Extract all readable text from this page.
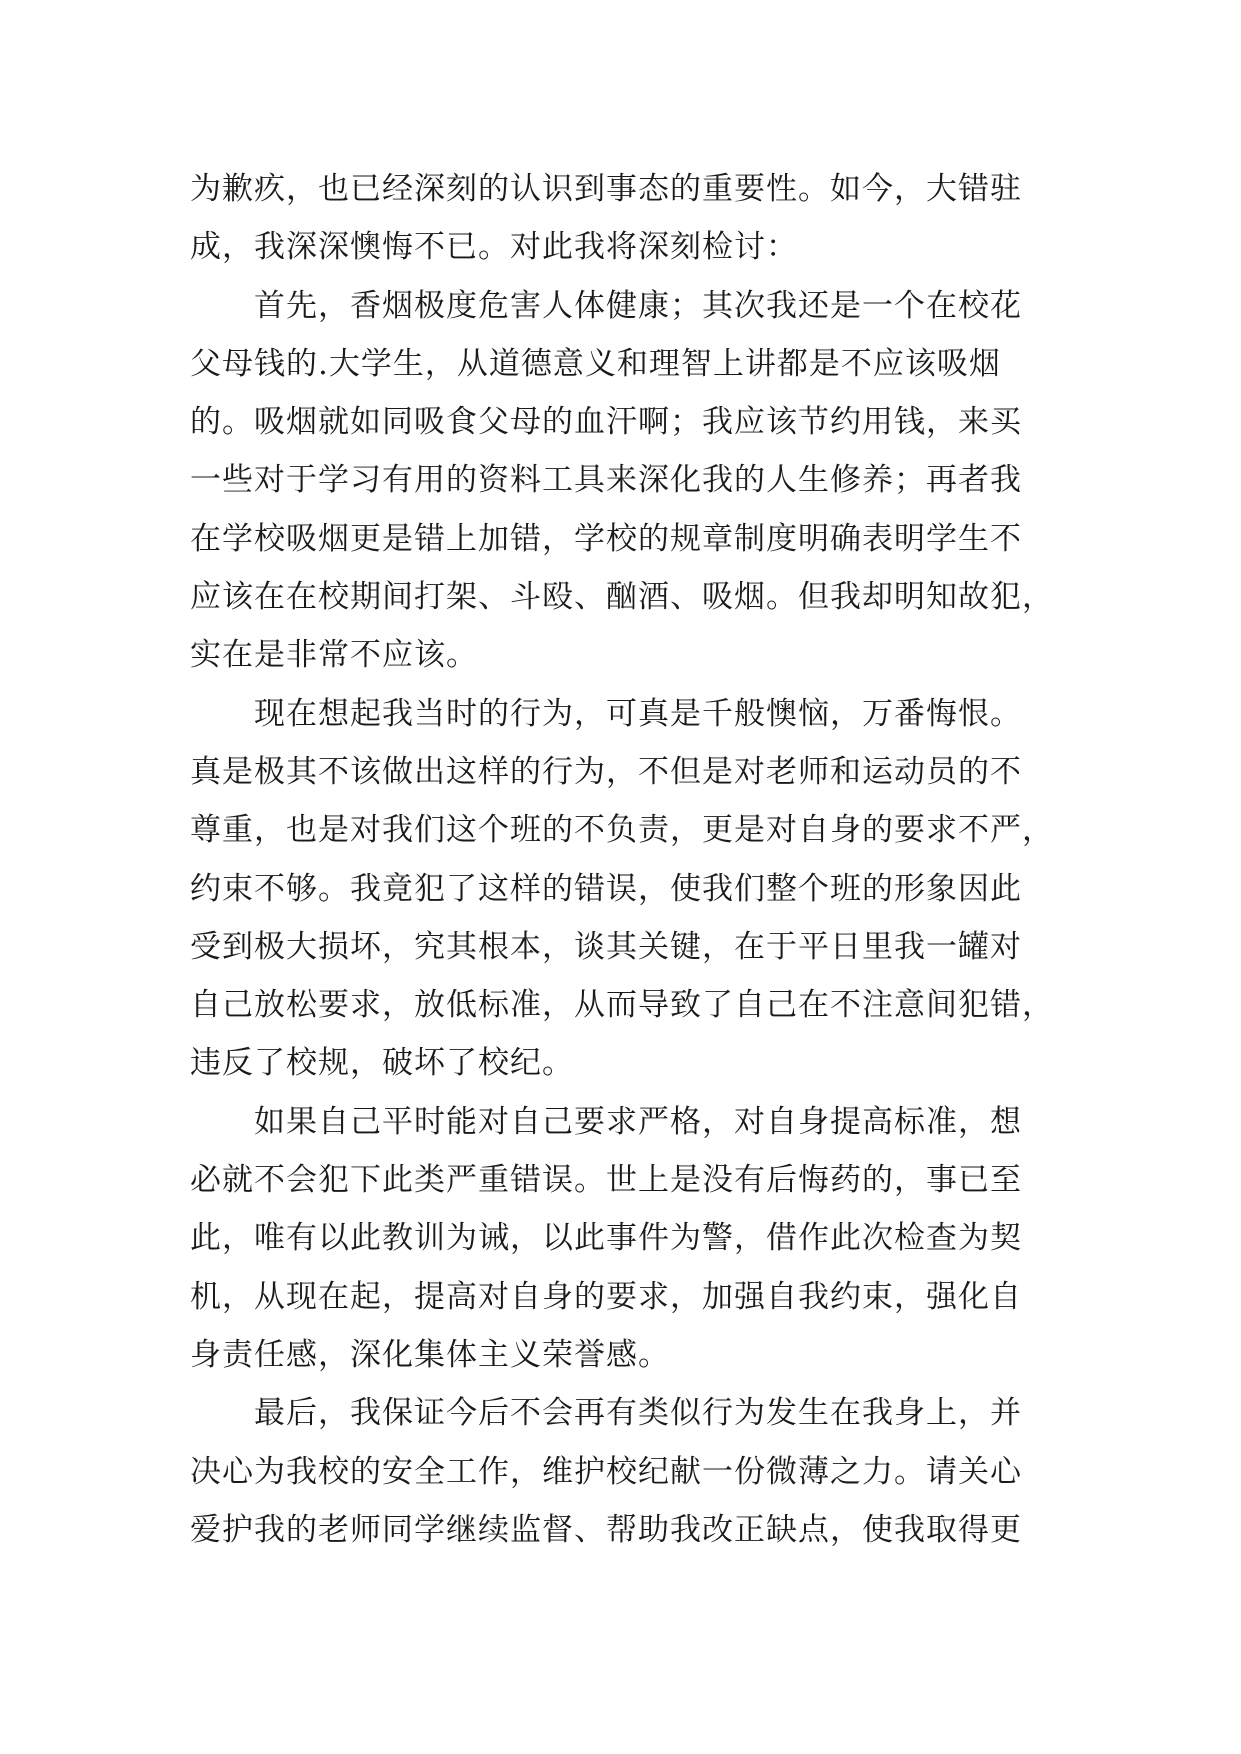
为歉疚，也已经深刻的认识到事态的重要性。如今，大错驻
成，我深深懊悔不已。对此我将深刻检讨：
首先，香烟极度危害人体健康；其次我还是一个在校花
父母钱的.大学生，从道德意义和理智上讲都是不应该吸烟
的。吸烟就如同吸食父母的血汗啊；我应该节约用钱，来买
一些对于学习有用的资料工具来深化我的人生修养；再者我
在学校吸烟更是错上加错，学校的规章制度明确表明学生不
应该在在校期间打架、斗殴、酗酒、吸烟。但我却明知故犯，
实在是非常不应该。
现在想起我当时的行为，可真是千般懊恼，万番悔恨。
真是极其不该做出这样的行为，不但是对老师和运动员的不
尊重，也是对我们这个班的不负责，更是对自身的要求不严，
约束不够。我竟犯了这样的错误，使我们整个班的形象因此
受到极大损坏，究其根本，谈其关键，在于平日里我一罐对
自己放松要求，放低标准，从而导致了自己在不注意间犯错，
违反了校规，破坏了校纪。
如果自己平时能对自己要求严格，对自身提高标准，想
必就不会犯下此类严重错误。世上是没有后悔药的，事已至
此，唯有以此教训为诫，以此事件为警，借作此次检查为契
机，从现在起，提高对自身的要求，加强自我约束，强化自
身责任感，深化集体主义荣誉感。
最后，我保证今后不会再有类似行为发生在我身上，并
决心为我校的安全工作，维护校纪献一份微薄之力。请关心
爱护我的老师同学继续监督、帮助我改正缺点，使我取得更
